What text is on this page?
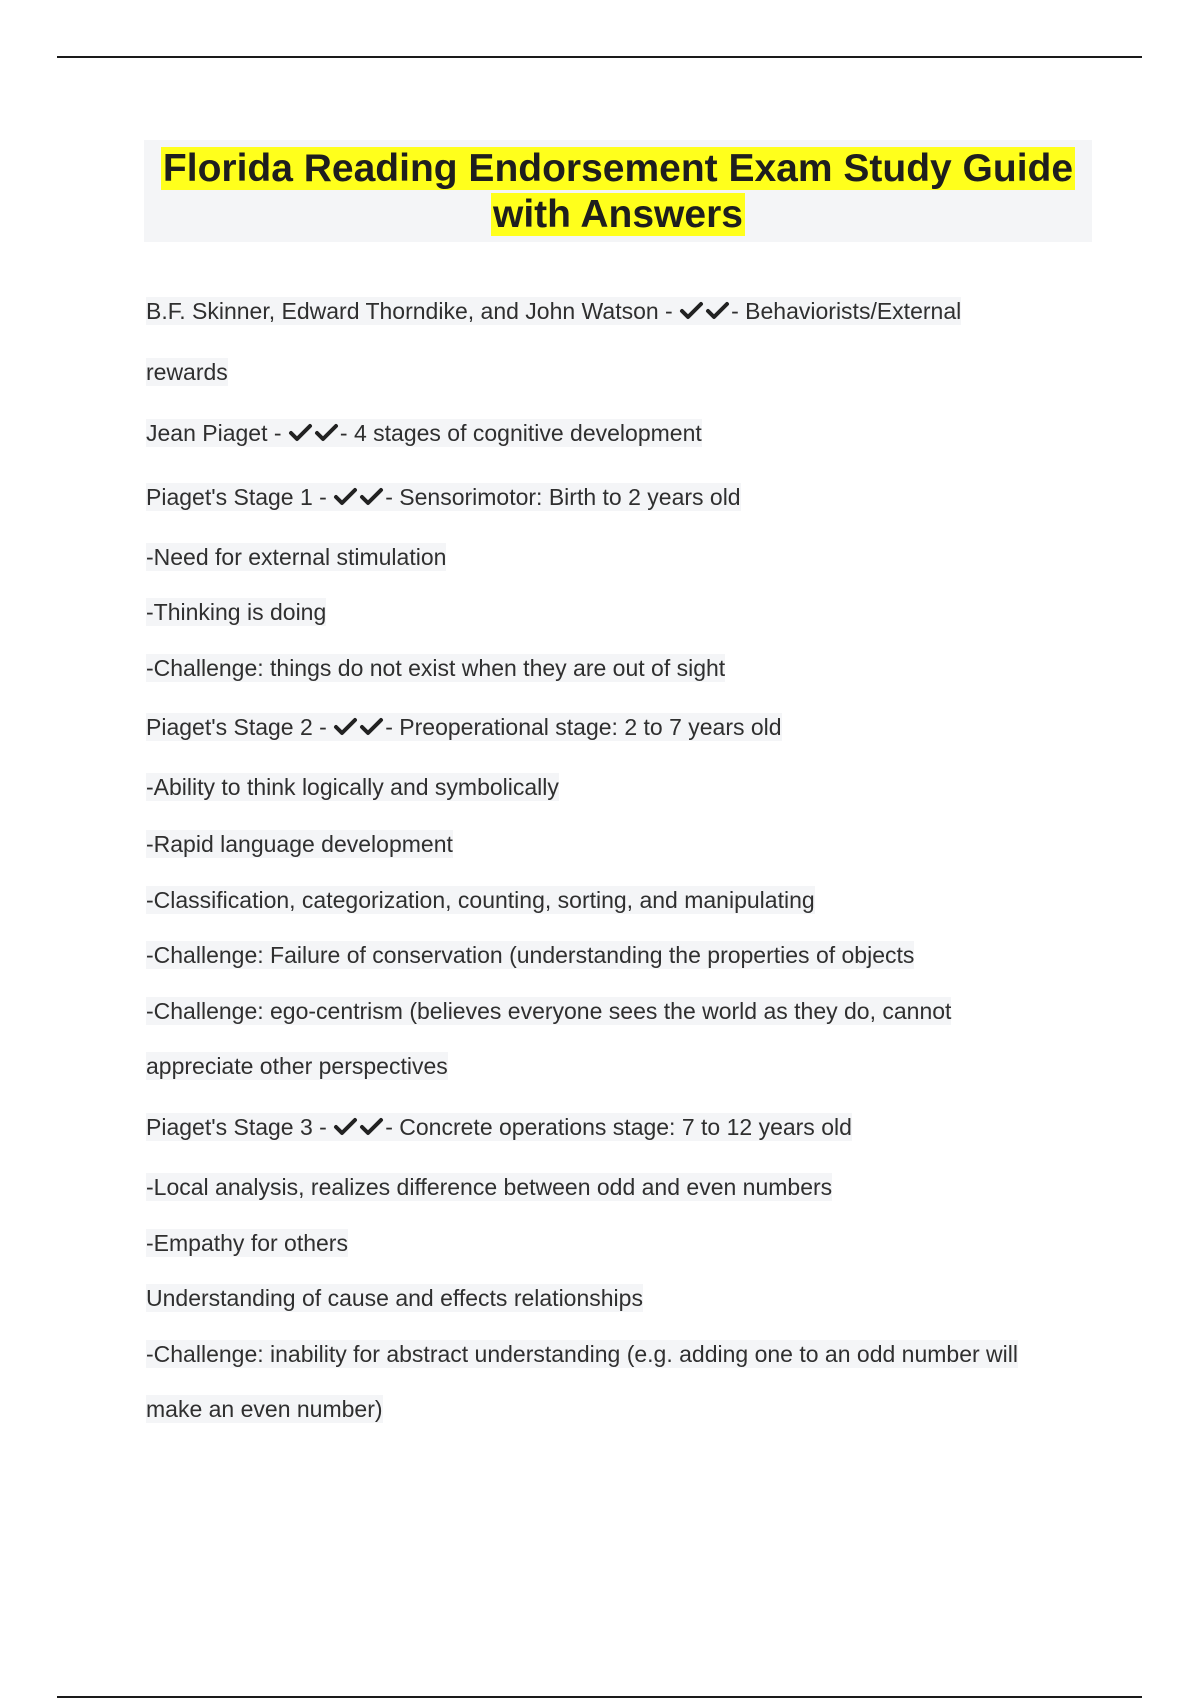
Florida Reading Endorsement Exam Study Guide
with Answers
B.F. Skinner, Edward Thorndike, and John Watson -
- Behaviorists/External
rewards
Jean Piaget -
- 4 stages of cognitive development
Piaget's Stage 1 -
- Sensorimotor: Birth to 2 years old
-Need for external stimulation
-Thinking is doing
-Challenge: things do not exist when they are out of sight
Piaget's Stage 2 -
- Preoperational stage: 2 to 7 years old
-Ability to think logically and symbolically
-Rapid language development
-Classification, categorization, counting, sorting, and manipulating
-Challenge: Failure of conservation (understanding the properties of objects
-Challenge: ego-centrism (believes everyone sees the world as they do, cannot
appreciate other perspectives
Piaget's Stage 3 -
- Concrete operations stage: 7 to 12 years old
-Local analysis, realizes difference between odd and even numbers
-Empathy for others
Understanding of cause and effects relationships
-Challenge: inability for abstract understanding (e.g. adding one to an odd number will
make an even number)
